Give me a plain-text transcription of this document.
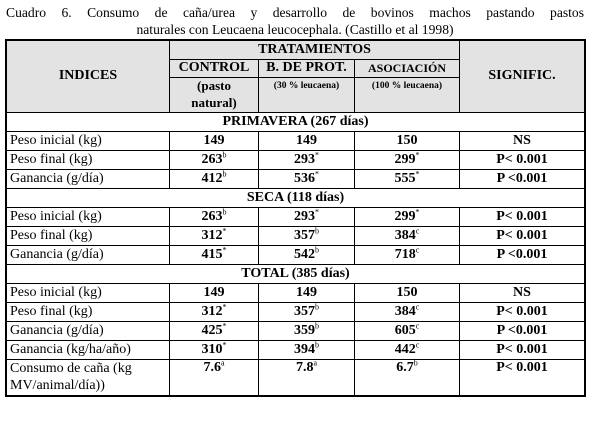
Cuadro 6. Consumo de caña/urea y desarrollo de bovinos machos pastando pastos
naturales con Leucaena leucocephala. (Castillo et al 1998)
INDICES	TRATAMIENTOS			SIGNIFIC.
	CONTROL	B. DE PROT.	ASOCIACIÓN	
	(pasto natural)	(30 % leucaena)	(100 % leucaena)	
PRIMAVERA (267 días)				
Peso inicial (kg)	149	149	150	NS
Peso final (kg)	263$^b$	293*	299*	P< 0.001
Ganancia (g/día)	412$^b$	536*	555*	P <0.001
SECA (118 días)				
Peso inicial (kg)	263$^b$	293*	299*	P< 0.001
Peso final (kg)	312*	357$^b$	384$^c$	P< 0.001
Ganancia (g/día)	415*	542$^b$	718$^c$	P <0.001
TOTAL (385 días)				
Peso inicial (kg)	149	149	150	NS
Peso final (kg)	312*	357$^b$	384$^c$	P< 0.001
Ganancia (g/día)	425*	359$^b$	605$^c$	P <0.001
Ganancia (kg/ha/año)	310*	394$^b$	442$^c$	P< 0.001
Consumo de caña (kg MV/animal/día))	7.6$^a$	7.8$^a$	6.7$^b$	P< 0.001
